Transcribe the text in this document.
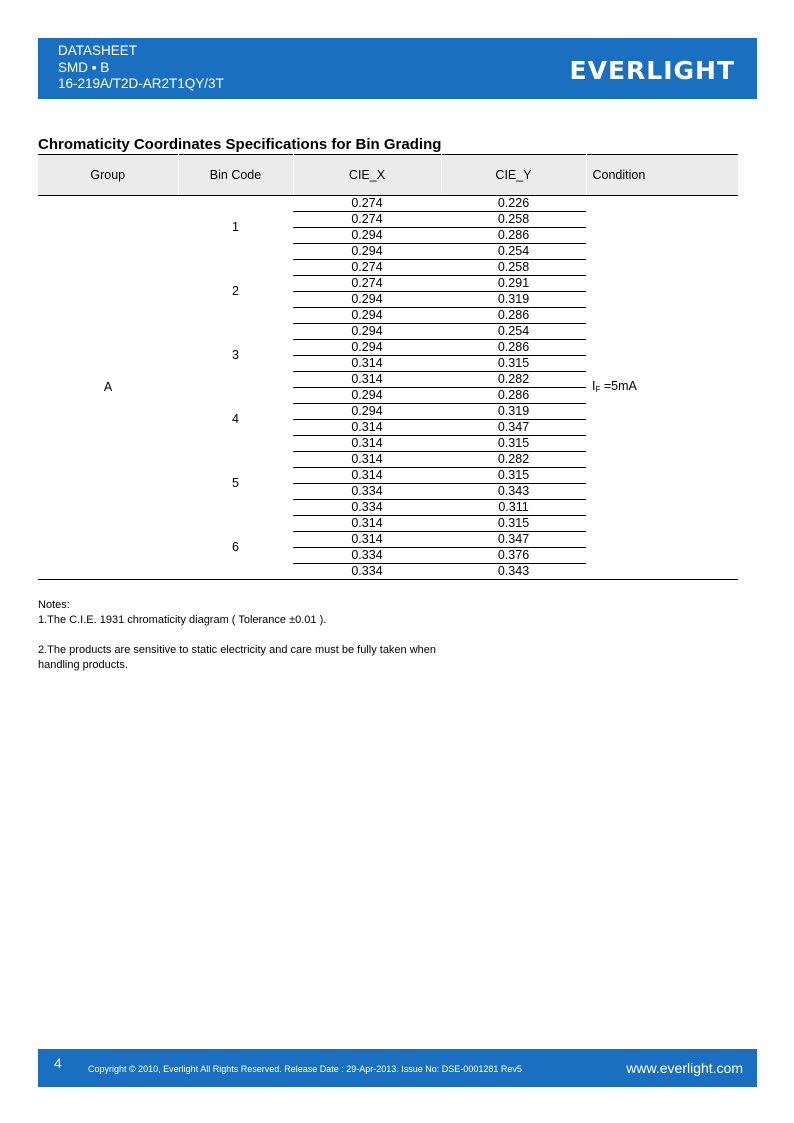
DATASHEET
SMD ▪ B
16-219A/T2D-AR2T1QY/3T	EVERLIGHT
Chromaticity Coordinates Specifications for Bin Grading
Group	Bin Code	CIE_X	CIE_Y	Condition
A	1	0.274	0.226	$I_F =5mA$
		0.274	0.258	
		0.294	0.286	
		0.294	0.254	
	2	0.274	0.258	
		0.274	0.291	
		0.294	0.319	
		0.294	0.286	
	3	0.294	0.254	
		0.294	0.286	
		0.314	0.315	
		0.314	0.282	
	4	0.294	0.286	
		0.294	0.319	
		0.314	0.347	
		0.314	0.315	
	5	0.314	0.282	
		0.314	0.315	
		0.334	0.343	
		0.334	0.311	
	6	0.314	0.315	
		0.314	0.347	
		0.334	0.376	
		0.334	0.343	

Notes:

1.The C.I.E. 1931 chromaticity diagram ( Tolerance ±0.01 ).

2.The products are sensitive to static electricity and care must be fully taken when

handling products.

4	Copyright © 2010, Everlight All Rights Reserved. Release Date : 29-Apr-2013. Issue No: DSE-0001281 Rev5	www.everlight.com
